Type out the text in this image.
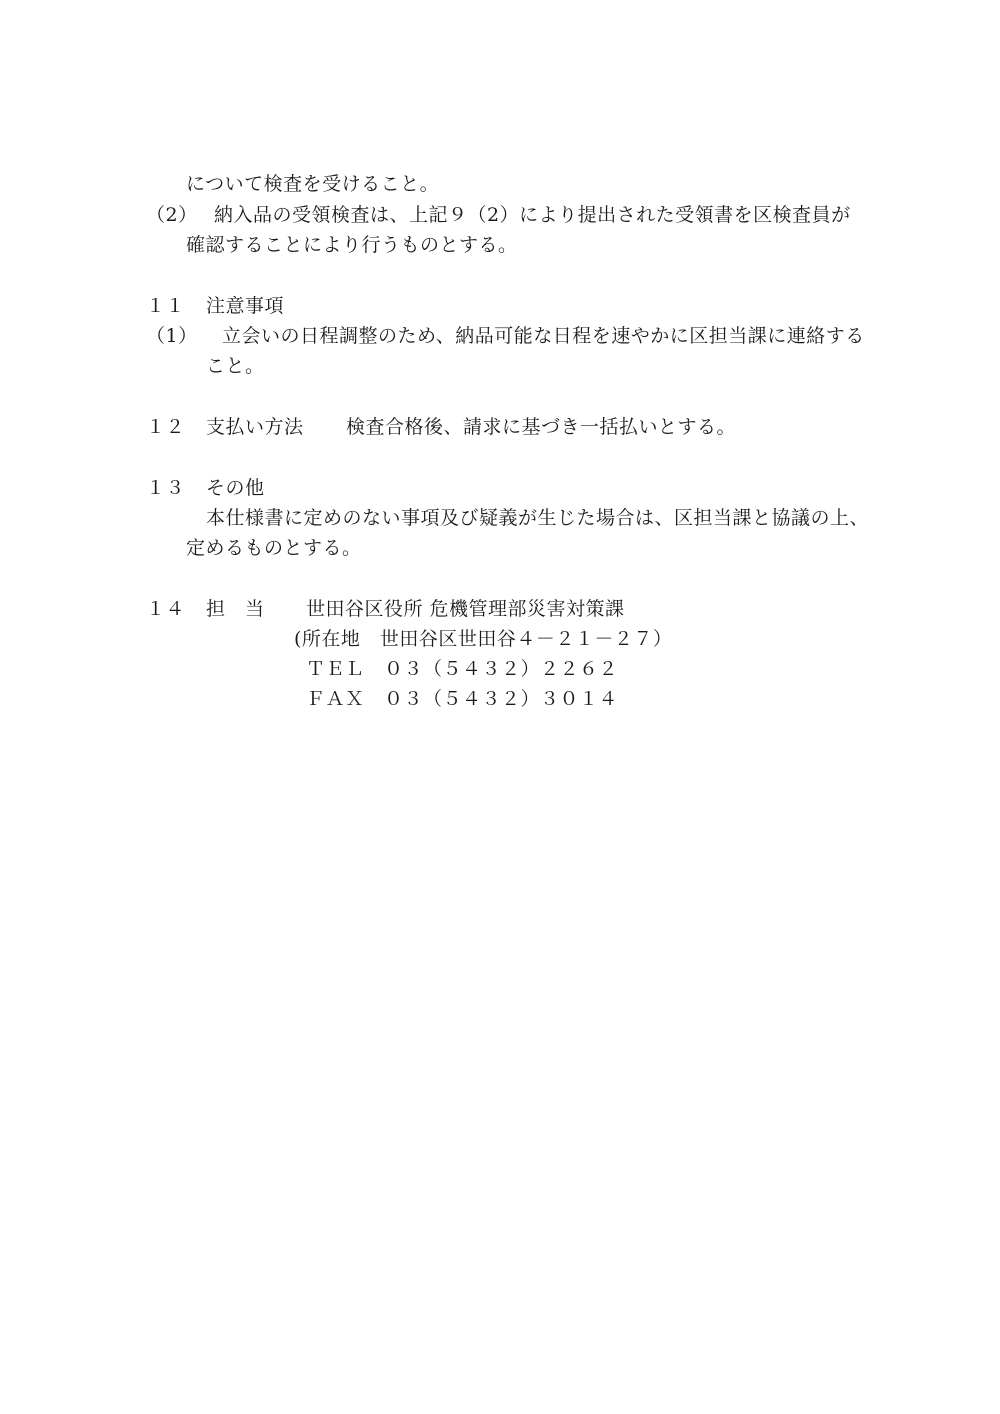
について検査を受けること。
（2） 納入品の受領検査は、上記９（2）により提出された受領書を区検査員が
確認することにより行うものとする。
１１ 注意事項
（1） 立会いの日程調整のため、納品可能な日程を速やかに区担当課に連絡する
こと。
１２ 支払い方法 検査合格後、請求に基づき一括払いとする。
１３ その他
本仕様書に定めのない事項及び疑義が生じた場合は、区担当課と協議の上、
定めるものとする。
１４ 担　当 世田谷区役所 危機管理部災害対策課
(所在地　世田谷区世田谷４－２１－２７）
ＴＥＬ　０３（５４３２）２２６２
ＦＡＸ　０３（５４３２）３０１４
